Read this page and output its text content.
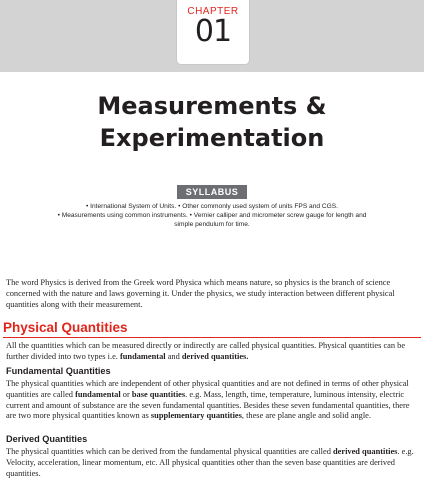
CHAPTER
01
Measurements &
Experimentation
SYLLABUS
• International System of Units. • Other commonly used system of units FPS and CGS.
• Measurements using common instruments. • Vernier calliper and micrometer screw gauge for length and simple pendulum for time.

The word Physics is derived from the Greek word Physica which means nature, so physics is the branch of science concerned with the nature and laws governing it. Under the physics, we study interaction between different physical quantities along with their measurement.

Physical Quantities

All the quantities which can be measured directly or indirectly are called physical quantities. Physical quantities can be further divided into two types i.e. fundamental and derived quantities.

Fundamental Quantities

The physical quantities which are independent of other physical quantities and are not defined in terms of other physical quantities are called fundamental or base quantities. e.g. Mass, length, time, temperature, luminous intensity, electric current and amount of substance are the seven fundamental quantities. Besides these seven fundamental quantities, there are two more physical quantities known as supplementary quantities, these are plane angle and solid angle.

Derived Quantities

The physical quantities which can be derived from the fundamental physical quantities are called derived quantities. e.g. Velocity, acceleration, linear momentum, etc. All physical quantities other than the seven base quantities are derived quantities.
